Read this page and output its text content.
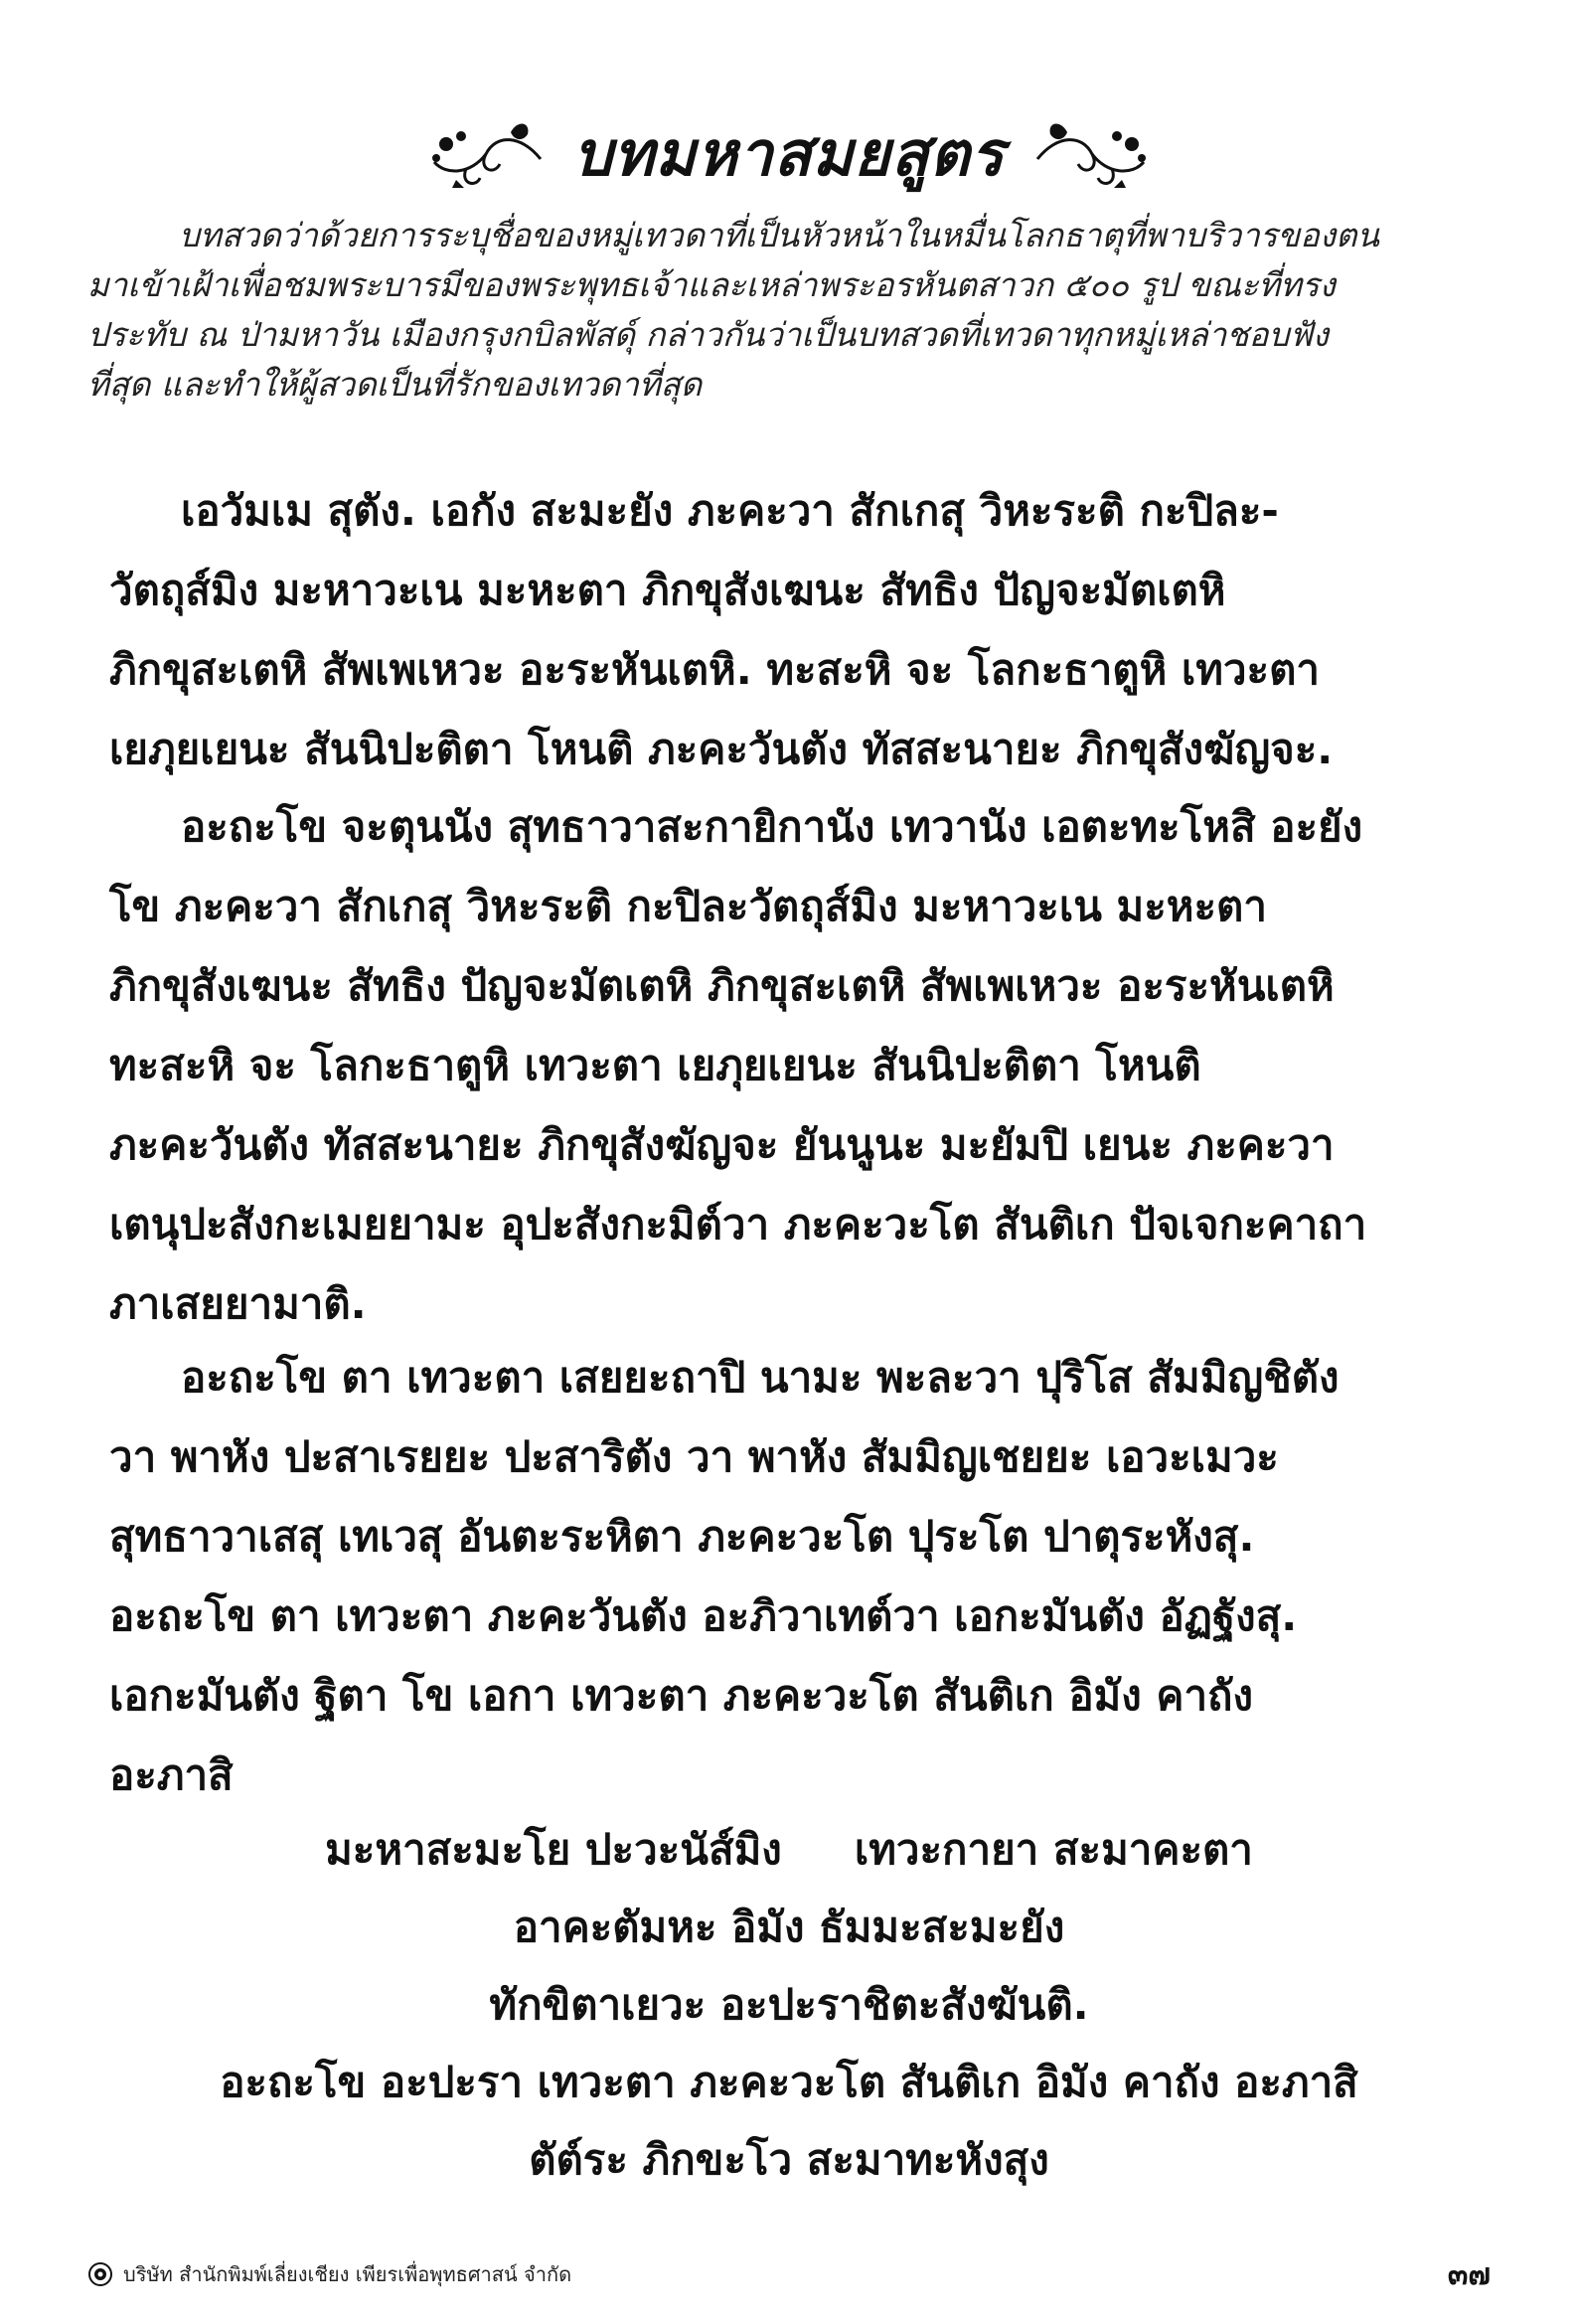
บทมหาสมยสูตร
บทสวดว่าด้วยการระบุชื่อของหมู่เทวดาที่เป็นหัวหน้าในหมื่นโลกธาตุที่พาบริวารของตน
มาเข้าเฝ้าเพื่อชมพระบารมีของพระพุทธเจ้าและเหล่าพระอรหันตสาวก ๕๐๐ รูป ขณะที่ทรง
ประทับ ณ ป่ามหาวัน เมืองกรุงกบิลพัสดุ์ กล่าวกันว่าเป็นบทสวดที่เทวดาทุกหมู่เหล่าชอบฟัง
ที่สุด และทำให้ผู้สวดเป็นที่รักของเทวดาที่สุด
เอวัมเม สุตัง. เอกัง สะมะยัง ภะคะวา สักเกสุ วิหะระติ กะปิละ-
วัตถุส์มิง มะหาวะเน มะหะตา ภิกขุสังเฆนะ สัทธิง ปัญจะมัตเตหิ
ภิกขุสะเตหิ สัพเพเหวะ อะระหันเตหิ. ทะสะหิ จะ โลกะธาตูหิ เทวะตา
เยภุยเยนะ สันนิปะติตา โหนติ ภะคะวันตัง ทัสสะนายะ ภิกขุสังฆัญจะ.
อะถะโข จะตุนนัง สุทธาวาสะกายิกานัง เทวานัง เอตะทะโหสิ อะยัง
โข ภะคะวา สักเกสุ วิหะระติ กะปิละวัตถุส์มิง มะหาวะเน มะหะตา
ภิกขุสังเฆนะ สัทธิง ปัญจะมัตเตหิ ภิกขุสะเตหิ สัพเพเหวะ อะระหันเตหิ
ทะสะหิ จะ โลกะธาตูหิ เทวะตา เยภุยเยนะ สันนิปะติตา โหนติ
ภะคะวันตัง ทัสสะนายะ ภิกขุสังฆัญจะ ยันนูนะ มะยัมปิ เยนะ ภะคะวา
เตนุปะสังกะเมยยามะ อุปะสังกะมิต์วา ภะคะวะโต สันติเก ปัจเจกะคาถา
ภาเสยยามาติ.
อะถะโข ตา เทวะตา เสยยะถาปิ นามะ พะละวา ปุริโส สัมมิญชิตัง
วา พาหัง ปะสาเรยยะ ปะสาริตัง วา พาหัง สัมมิญเชยยะ เอวะเมวะ
สุทธาวาเสสุ เทเวสุ อันตะระหิตา ภะคะวะโต ปุระโต ปาตุระหังสุ.
อะถะโข ตา เทวะตา ภะคะวันตัง อะภิวาเทต์วา เอกะมันตัง อัฏฐังสุ.
เอกะมันตัง ฐิตา โข เอกา เทวะตา ภะคะวะโต สันติเก อิมัง คาถัง
อะภาสิ
มะหาสะมะโย ปะวะนัส์มิง     เทวะกายา สะมาคะตา
อาคะตัมหะ อิมัง ธัมมะสะมะยัง
ทักขิตาเยวะ อะปะราชิตะสังฆันติ.
อะถะโข อะปะรา เทวะตา ภะคะวะโต สันติเก อิมัง คาถัง อะภาสิ
ตัต์ระ ภิกขะโว สะมาทะหังสุง
บริษัท สำนักพิมพ์เลี่ยงเชียง เพียรเพื่อพุทธศาสน์ จำกัด	๓๗
